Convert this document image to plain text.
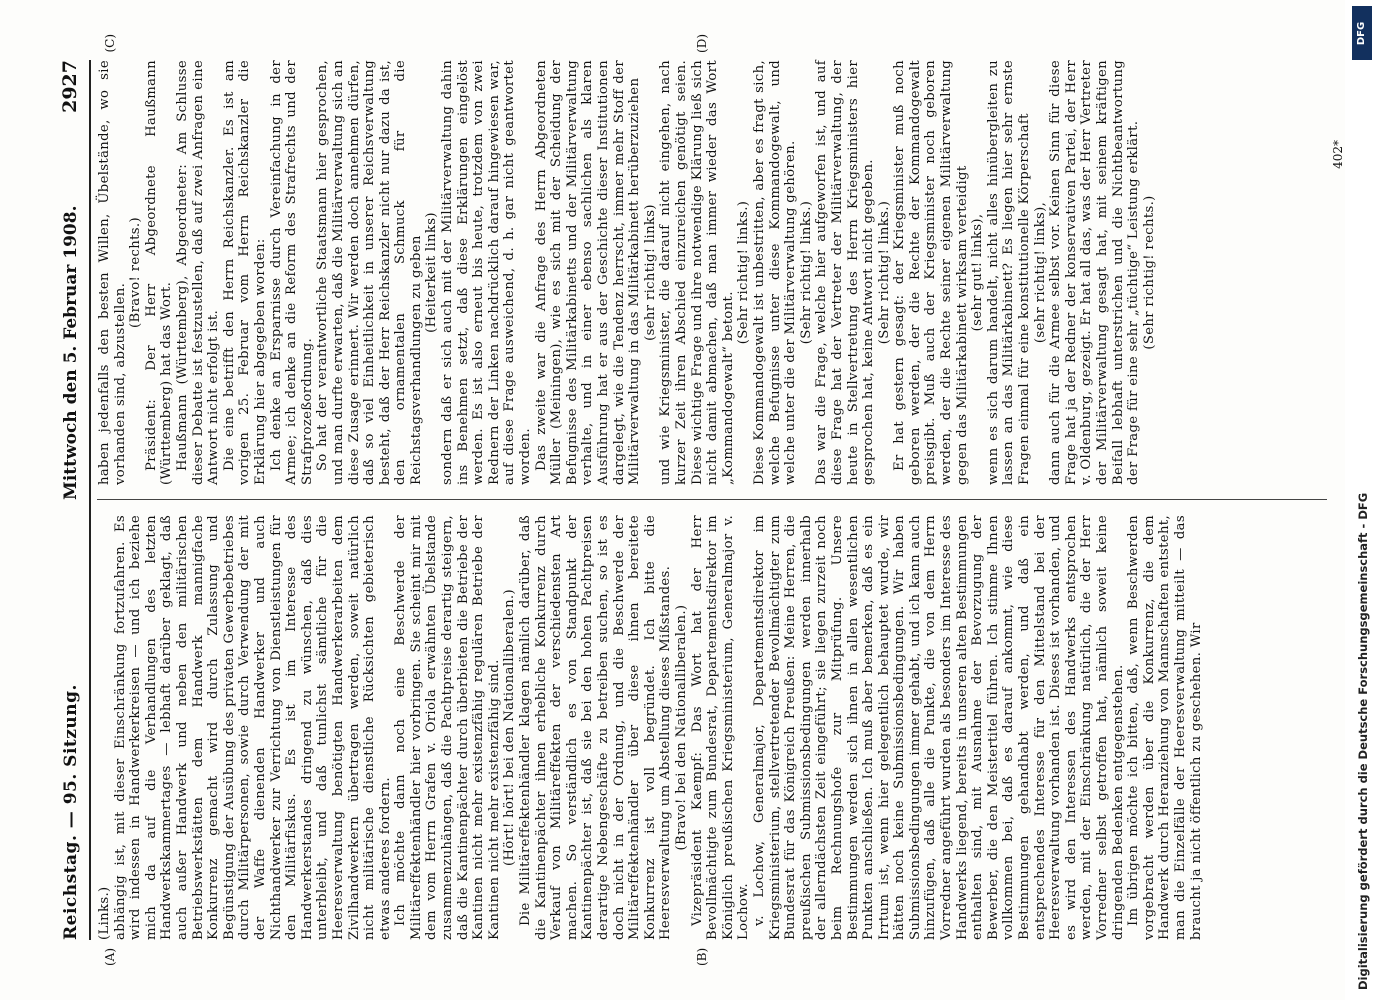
Reichstag. — 95. Sitzung.
Mittwoch den 5. Februar 1908.
2927
(A)	(B)
(C)	(D)

(Links.) abhängig ist, mit dieser Einschränkung fortzufahren. Es wird indessen in Handwerkerkreisen — und ich beziehe mich da auf die Verhandlungen des letzten Handwerkskammertages — lebhaft darüber geklagt, daß auch außer Handwerk und neben den militärischen Betriebswerkstätten dem Handwerk mannigfache Konkurrenz gemacht wird durch Zulassung und Begünstigung der Ausübung des privaten Gewerbebetriebes durch Militärpersonen, sowie durch Verwendung der mit der Waffe dienenden Handwerker und auch Nichthandwerker zur Verrichtung von Dienstleistungen für den Militärfiskus. Es ist im Interesse des Handwerkerstandes dringend zu wünschen, daß dies unterbleibt, und daß tunlichst sämtliche für die Heeresverwaltung benötigten Handwerkerarbeiten dem Zivilhandwerkern übertragen werden, soweit natürlich nicht militärische dienstliche Rücksichten gebieterisch etwas anderes fordern. Ich möchte dann noch eine Beschwerde der Militäreffektenhändler hier vorbringen. Sie scheint mir mit dem vom Herrn Grafen v. Oriola erwähnten Übelstande zusammenzuhängen, daß die Pachtpreise derartig steigern, daß die Kantinenpächter durch überbieten die Betriebe der Kantinen nicht mehr existenzfähig regulären Betriebe der Kantinen nicht mehr existenzfähig sind. (Hört! hört! bei den Nationalliberalen.) Die Militäreffektenhändler klagen nämlich darüber, daß die Kantinenpächter ihnen erhebliche Konkurrenz durch Verkauf von Militäreffekten der verschiedensten Art machen. So verständlich es von Standpunkt der Kantinenpächter ist, daß sie bei den hohen Pachtpreisen derartige Nebengeschäfte zu betreiben suchen, so ist es doch nicht in der Ordnung, und die Beschwerde der Militäreffektenhändler über diese ihnen bereitete Konkurrenz ist voll begründet. Ich bitte die Heeresverwaltung um Abstellung dieses Mißstandes. (Bravo! bei den Nationalliberalen.) Vizepräsident Kaempf: Das Wort hat der Herr Bevollmächtigte zum Bundesrat, Departementsdirektor im Königlich preußischen Kriegsministerium, Generalmajor v. Lochow. v. Lochow, Generalmajor, Departementsdirektor im Kriegsministerium, stellvertretender Bevollmächtigter zum Bundesrat für das Königreich Preußen: Meine Herren, die preußischen Submissionsbedingungen werden innerhalb der allerndächsten Zeit eingeführt; sie liegen zurzeit noch beim Rechnungshofe zur Mitprüfung. Unsere Bestimmungen werden sich ihnen in allen wesentlichen Punkten anschließen. Ich muß aber bemerken, daß es ein Irrtum ist, wenn hier gelegentlich behauptet wurde, wir hätten noch keine Submissionsbedingungen. Wir haben Submissionsbedingungen immer gehabt, und ich kann auch hinzufügen, daß alle die Punkte, die von dem Herrn Vorredner angeführt wurden als besonders im Interesse des Handwerks liegend, bereits in unseren alten Bestimmungen enthalten sind, mit Ausnahme der Bevorzugung der Bewerber, die den Meistertitel führen. Ich stimme Ihnen vollkommen bei, daß es darauf ankommt, wie diese Bestimmungen gehandhabt werden, und daß ein entsprechendes Interesse für den Mittelstand bei der Heeresverwaltung vorhanden ist. Dieses ist vorhanden, und es wird den Interessen des Handwerks entsprochen werden, mit der Einschränkung natürlich, die der Herr Vorredner selbst getroffen hat, nämlich soweit keine dringenden Bedenken entgegenstehen. Im übrigen möchte ich bitten, daß, wenn Beschwerden vorgebracht werden über die Konkurrenz, die dem Handwerk durch Heranziehung von Mannschaften entsteht, man die Einzelfälle der Heeresverwaltung mitteilt — das braucht ja nicht öffentlich zu geschehen. Wir

haben jedenfalls den besten Willen, Übelstände, wo sie vorhanden sind, abzustellen.

(Bravo! rechts.) Präsident: Der Herr Abgeordnete Haußmann (Württemberg) hat das Wort. Haußmann (Württemberg), Abgeordneter: Am Schlusse dieser Debatte ist festzustellen, daß auf zwei Anfragen eine Antwort nicht erfolgt ist. Die eine betrifft den Herrn Reichskanzler. Es ist am vorigen 25. Februar vom Herrn Reichskanzler die Erklärung hier abgegeben worden: Ich denke an Ersparnisse durch Vereinfachung in der Armee; ich denke an die Reform des Strafrechts und der Strafprozeßordnung. So hat der verantwortliche Staatsmann hier gesprochen, und man durfte erwarten, daß die Militärverwaltung sich an diese Zusage erinnert. Wir werden doch annehmen dürfen, daß so viel Einheitlichkeit in unserer Reichsverwaltung besteht, daß der Herr Reichskanzler nicht nur dazu da ist, den ornamentalen Schmuck für die Reichstagsverhandlungen zu geben (Heiterkeit links) sondern daß er sich auch mit der Militärverwaltung dahin ins Benehmen setzt, daß diese Erklärungen eingelöst werden. Es ist also erneut bis heute, trotzdem von zwei Rednern der Linken nachdrücklich darauf hingewiesen war, auf diese Frage ausweichend, d. h. gar nicht geantwortet worden. Das zweite war die Anfrage des Herrn Abgeordneten Müller (Meiningen), wie es sich mit der Scheidung der Befugnisse des Militärkabinetts und der Militärverwaltung verhalte, und in einer ebenso sachlichen als klaren Ausführung hat er aus der Geschichte dieser Institutionen dargelegt, wie die Tendenz herrscht, immer mehr Stoff der Militärverwaltung in das Militärkabinett herüberzuziehen (sehr richtig! links) und wie Kriegsminister, die darauf nicht eingehen, nach kurzer Zeit ihren Abschied einzureichen genötigt seien. Diese wichtige Frage und ihre notwendige Klärung ließ sich nicht damit abmachen, daß man immer wieder das Wort „Kommandogewalt“ betont.

(Sehr richtig! links.) Diese Kommandogewalt ist unbestritten, aber es fragt sich, welche Befugnisse unter diese Kommandogewalt, und welche unter die der Militärverwaltung gehören. (Sehr richtig! links.) Das war die Frage, welche hier aufgeworfen ist, und auf diese Frage hat der Vertreter der Militärverwaltung, der heute in Stellvertretung des Herrn Kriegsministers hier gesprochen hat, keine Antwort nicht gegeben. (Sehr richtig! links.) Er hat gestern gesagt: der Kriegsminister muß noch geboren werden, der die Rechte der Kommandogewalt preisgibt. Muß auch der Kriegsminister noch geboren werden, der die Rechte seiner eigenen Militärverwaltung gegen das Militärkabinett wirksam verteidigt (sehr gut! links), wenn es sich darum handelt, nicht alles hinübergleiten zu lassen an das Militärkabinett? Es liegen hier sehr ernste Fragen einmal für eine konstitutionelle Körperschaft (sehr richtig! links), dann auch für die Armee selbst vor. Keinen Sinn für diese Frage hat ja der Redner der konservativen Partei, der Herr v. Oldenburg, gezeigt. Er hat all das, was der Herr Vertreter der Militärverwaltung gesagt hat, mit seinem kräftigen Beifall lebhaft unterstrichen und die Nichtbeantwortung der Frage für eine sehr „tüchtige“ Leistung erklärt. (Sehr richtig! rechts.)

402*
DFG
Digitalisierung gefördert durch die Deutsche Forschungsgemeinschaft - DFG
